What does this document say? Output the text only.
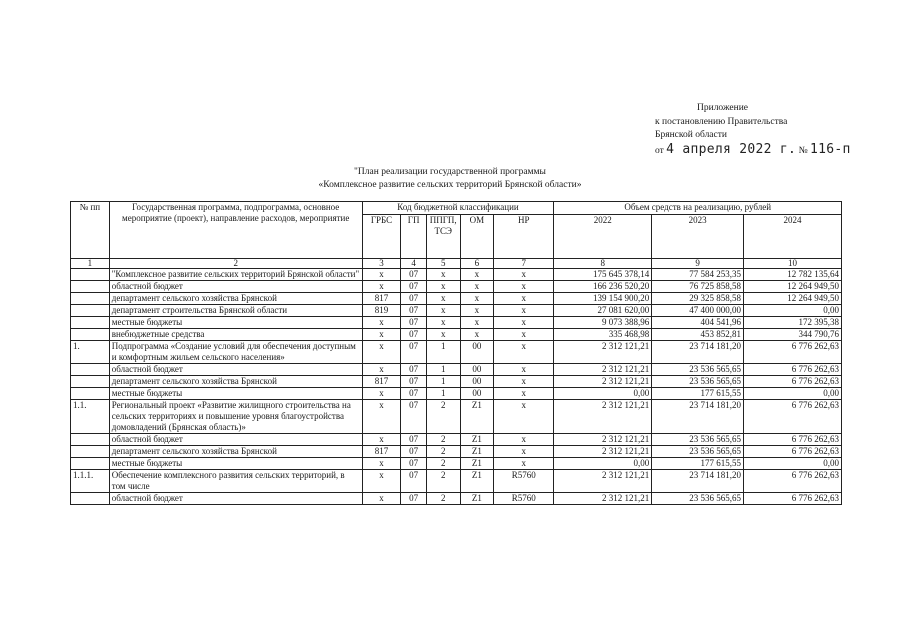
Приложение
к постановлению Правительства
Брянской области
от 4 апреля 2022 г. № 116-п
"План реализации государственной программы
«Комплексное развитие сельских территорий Брянской области»
№ пп	Государственная программа, подпрограмма, основное мероприятие (проект), направление расходов, мероприятие	Код бюджетной классификации					Объем средств на реализацию, рублей		
		ГРБС	ГП	ППГП, ТСЭ	ОМ	НР	2022	2023	2024
1	2	3	4	5	6	7	8	9	10
	"Комплексное развитие сельских территорий Брянской области"	х	07	х	х	х	175 645 378,14	77 584 253,35	12 782 135,64
	областной бюджет	х	07	х	х	х	166 236 520,20	76 725 858,58	12 264 949,50
	департамент сельского хозяйства Брянской	817	07	х	х	х	139 154 900,20	29 325 858,58	12 264 949,50
	департамент строительства Брянской области	819	07	х	х	х	27 081 620,00	47 400 000,00	0,00
	местные бюджеты	х	07	х	х	х	9 073 388,96	404 541,96	172 395,38
	внебюджетные средства	х	07	х	х	х	335 468,98	453 852,81	344 790,76
1.	Подпрограмма «Создание условий для обеспечения доступным и комфортным жильем сельского населения»	х	07	1	00	х	2 312 121,21	23 714 181,20	6 776 262,63
	областной бюджет	х	07	1	00	х	2 312 121,21	23 536 565,65	6 776 262,63
	департамент сельского хозяйства Брянской	817	07	1	00	х	2 312 121,21	23 536 565,65	6 776 262,63
	местные бюджеты	х	07	1	00	х	0,00	177 615,55	0,00
1.1.	Региональный проект «Развитие жилищного строительства на сельских территориях и повышение уровня благоустройства домовладений (Брянская область)»	х	07	2	Z1	х	2 312 121,21	23 714 181,20	6 776 262,63
	областной бюджет	х	07	2	Z1	х	2 312 121,21	23 536 565,65	6 776 262,63
	департамент сельского хозяйства Брянской	817	07	2	Z1	х	2 312 121,21	23 536 565,65	6 776 262,63
	местные бюджеты	х	07	2	Z1	х	0,00	177 615,55	0,00
1.1.1.	Обеспечение комплексного развития сельских территорий, в том числе	х	07	2	Z1	R5760	2 312 121,21	23 714 181,20	6 776 262,63
	областной бюджет	х	07	2	Z1	R5760	2 312 121,21	23 536 565,65	6 776 262,63
